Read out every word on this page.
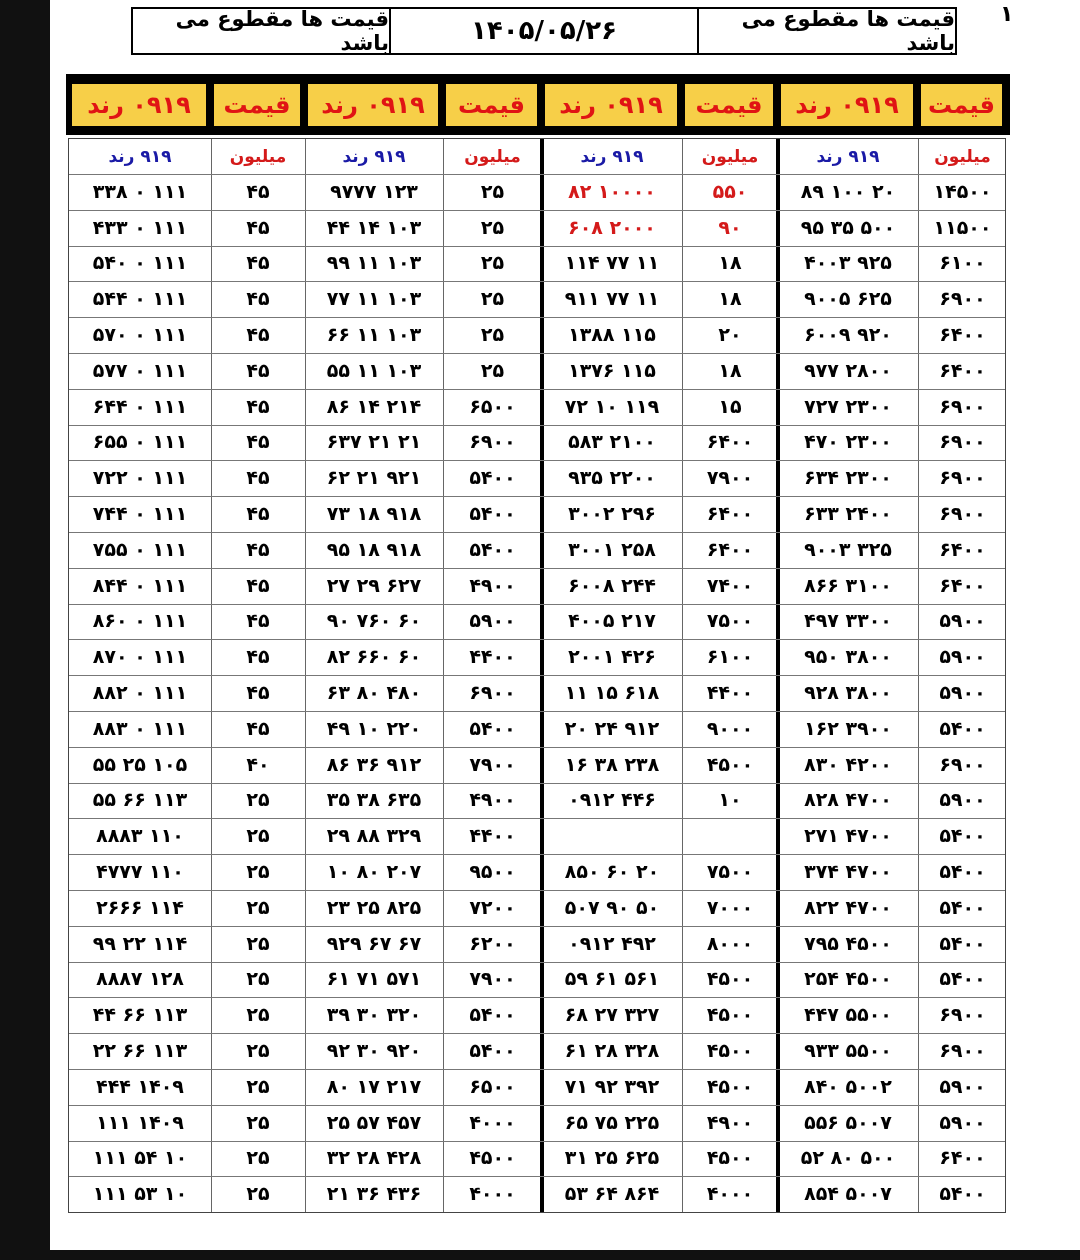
١
قیمت ها مقطوع می باشد	۱۴۰۵/۰۵/۲۶	قیمت ها مقطوع می باشد
قیمت
۰۹۱۹ رند
قیمت
۰۹۱۹ رند
قیمت
۰۹۱۹ رند
قیمت
۰۹۱۹ رند
میلیون
۹۱۹ رند
میلیون
۹۱۹ رند
میلیون
۹۱۹ رند
میلیون
۹۱۹ رند
۱۴۵۰۰
۲۰ ۱۰۰ ۸۹
۱۱۵۰۰
۵۰۰ ۳۵ ۹۵
۶۱۰۰
۹۲۵ ۴۰۰۳
۶۹۰۰
۶۲۵ ۹۰۰۵
۶۴۰۰
۹۲۰ ۶۰۰۹
۶۴۰۰
۲۸۰۰ ۹۷۷
۶۹۰۰
۲۳۰۰ ۷۲۷
۶۹۰۰
۲۳۰۰ ۴۷۰
۶۹۰۰
۲۳۰۰ ۶۳۴
۶۹۰۰
۲۴۰۰ ۶۳۳
۶۴۰۰
۳۲۵ ۹۰۰۳
۶۴۰۰
۳۱۰۰ ۸۶۶
۵۹۰۰
۳۳۰۰ ۴۹۷
۵۹۰۰
۳۸۰۰ ۹۵۰
۵۹۰۰
۳۸۰۰ ۹۲۸
۵۴۰۰
۳۹۰۰ ۱۶۲
۶۹۰۰
۴۲۰۰ ۸۳۰
۵۹۰۰
۴۷۰۰ ۸۲۸
۵۴۰۰
۴۷۰۰ ۲۷۱
۵۴۰۰
۴۷۰۰ ۳۷۴
۵۴۰۰
۴۷۰۰ ۸۲۲
۵۴۰۰
۴۵۰۰ ۷۹۵
۵۴۰۰
۴۵۰۰ ۲۵۴
۶۹۰۰
۵۵۰۰ ۴۴۷
۶۹۰۰
۵۵۰۰ ۹۳۳
۵۹۰۰
۵۰۰۲ ۸۴۰
۵۹۰۰
۵۰۰۷ ۵۵۶
۶۴۰۰
۵۰۰ ۸۰ ۵۲
۵۴۰۰
۵۰۰۷ ۸۵۴
۵۵۰
۱۰۰۰۰ ۸۲
۹۰
۲۰۰۰ ۶۰۸
۱۸
۱۱ ۷۷ ۱۱۴
۱۸
۱۱ ۷۷ ۹۱۱
۲۰
۱۱۵ ۱۳۸۸
۱۸
۱۱۵ ۱۳۷۶
۱۵
۱۱۹ ۱۰ ۷۲
۶۴۰۰
۲۱۰۰ ۵۸۳
۷۹۰۰
۲۲۰۰ ۹۳۵
۶۴۰۰
۲۹۶ ۳۰۰۲
۶۴۰۰
۲۵۸ ۳۰۰۱
۷۴۰۰
۲۴۴ ۶۰۰۸
۷۵۰۰
۲۱۷ ۴۰۰۵
۶۱۰۰
۴۲۶ ۲۰۰۱
۴۴۰۰
۶۱۸ ۱۵ ۱۱
۹۰۰۰
۹۱۲ ۲۴ ۲۰
۴۵۰۰
۲۳۸ ۳۸ ۱۶
۱۰
۴۴۶ ۰۹۱۲
۷۵۰۰
۲۰ ۶۰ ۸۵۰
۷۰۰۰
۵۰ ۹۰ ۵۰۷
۸۰۰۰
۴۹۲ ۰۹۱۲
۴۵۰۰
۵۶۱ ۶۱ ۵۹
۴۵۰۰
۳۲۷ ۲۷ ۶۸
۴۵۰۰
۳۲۸ ۲۸ ۶۱
۴۵۰۰
۳۹۲ ۹۲ ۷۱
۴۹۰۰
۲۲۵ ۷۵ ۶۵
۴۵۰۰
۶۲۵ ۲۵ ۳۱
۴۰۰۰
۸۶۴ ۶۴ ۵۳
۲۵
۱۲۳ ۹۷۷۷
۲۵
۱۰۳ ۱۴ ۴۴
۲۵
۱۰۳ ۱۱ ۹۹
۲۵
۱۰۳ ۱۱ ۷۷
۲۵
۱۰۳ ۱۱ ۶۶
۲۵
۱۰۳ ۱۱ ۵۵
۶۵۰۰
۲۱۴ ۱۴ ۸۶
۶۹۰۰
۲۱ ۲۱ ۶۳۷
۵۴۰۰
۹۲۱ ۲۱ ۶۲
۵۴۰۰
۹۱۸ ۱۸ ۷۳
۵۴۰۰
۹۱۸ ۱۸ ۹۵
۴۹۰۰
۶۲۷ ۲۹ ۲۷
۵۹۰۰
۶۰ ۷۶۰ ۹۰
۴۴۰۰
۶۰ ۶۶۰ ۸۲
۶۹۰۰
۴۸۰ ۸۰ ۶۳
۵۴۰۰
۲۲۰ ۱۰ ۴۹
۷۹۰۰
۹۱۲ ۳۶ ۸۶
۴۹۰۰
۶۳۵ ۳۸ ۳۵
۴۴۰۰
۳۲۹ ۸۸ ۲۹
۹۵۰۰
۲۰۷ ۸۰ ۱۰
۷۲۰۰
۸۲۵ ۲۵ ۲۳
۶۲۰۰
۶۷ ۶۷ ۹۲۹
۷۹۰۰
۵۷۱ ۷۱ ۶۱
۵۴۰۰
۳۲۰ ۳۰ ۳۹
۵۴۰۰
۹۲۰ ۳۰ ۹۲
۶۵۰۰
۲۱۷ ۱۷ ۸۰
۴۰۰۰
۴۵۷ ۵۷ ۲۵
۴۵۰۰
۴۲۸ ۲۸ ۳۲
۴۰۰۰
۴۳۶ ۳۶ ۲۱
۴۵
۱۱۱ ۰ ۳۳۸
۴۵
۱۱۱ ۰ ۴۳۳
۴۵
۱۱۱ ۰ ۵۴۰
۴۵
۱۱۱ ۰ ۵۴۴
۴۵
۱۱۱ ۰ ۵۷۰
۴۵
۱۱۱ ۰ ۵۷۷
۴۵
۱۱۱ ۰ ۶۴۴
۴۵
۱۱۱ ۰ ۶۵۵
۴۵
۱۱۱ ۰ ۷۲۲
۴۵
۱۱۱ ۰ ۷۴۴
۴۵
۱۱۱ ۰ ۷۵۵
۴۵
۱۱۱ ۰ ۸۴۴
۴۵
۱۱۱ ۰ ۸۶۰
۴۵
۱۱۱ ۰ ۸۷۰
۴۵
۱۱۱ ۰ ۸۸۲
۴۵
۱۱۱ ۰ ۸۸۳
۴۰
۱۰۵ ۲۵ ۵۵
۲۵
۱۱۳ ۶۶ ۵۵
۲۵
۱۱۰ ۸۸۸۳
۲۵
۱۱۰ ۴۷۷۷
۲۵
۱۱۴ ۲۶۶۶
۲۵
۱۱۴ ۲۲ ۹۹
۲۵
۱۲۸ ۸۸۸۷
۲۵
۱۱۳ ۶۶ ۴۴
۲۵
۱۱۳ ۶۶ ۲۲
۲۵
۱۴۰۹ ۴۴۴
۲۵
۱۴۰۹ ۱۱۱
۲۵
۱۰ ۵۴ ۱۱۱
۲۵
۱۰ ۵۳ ۱۱۱
